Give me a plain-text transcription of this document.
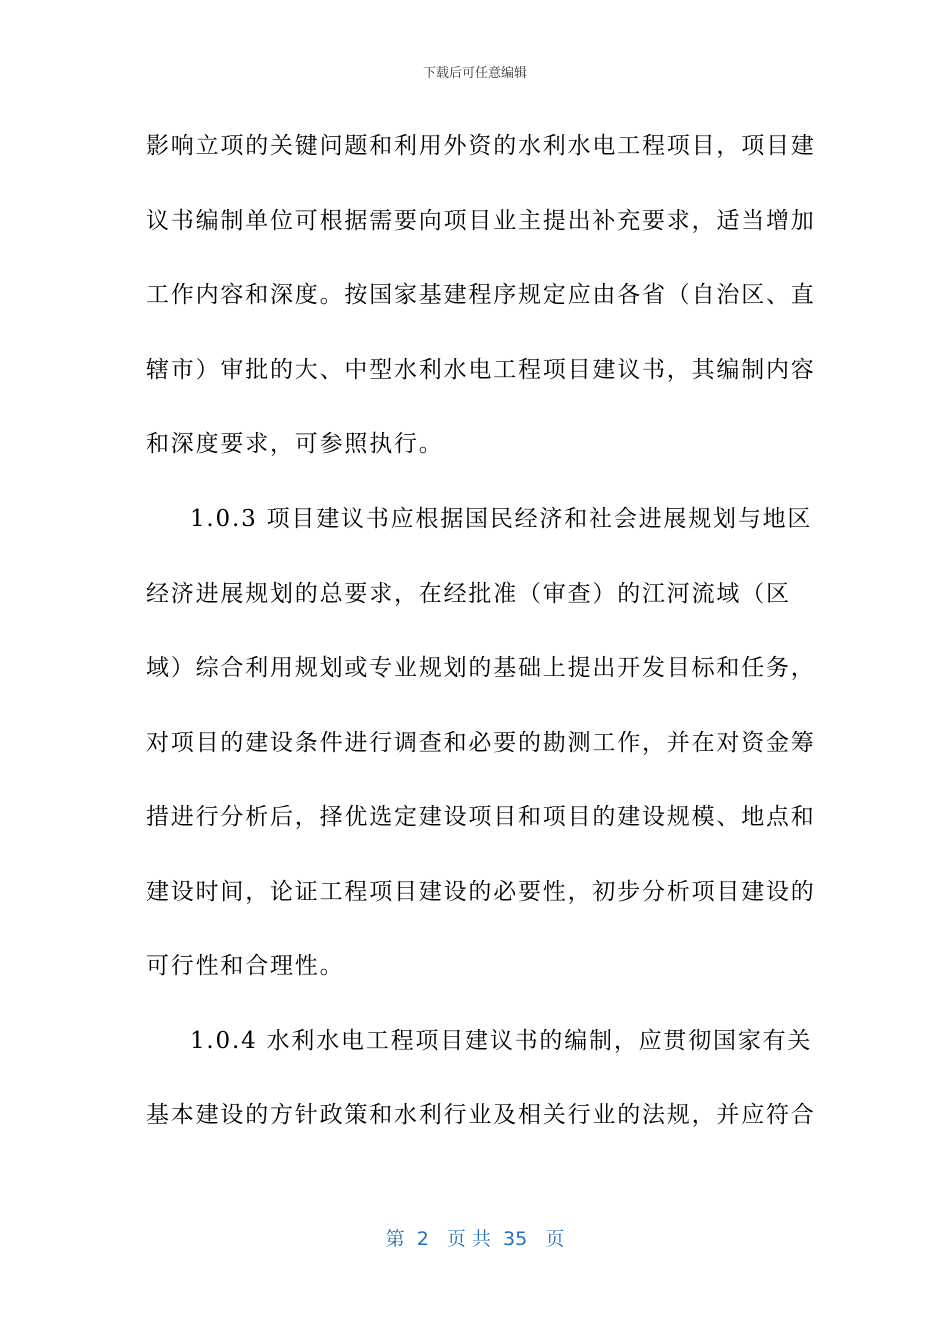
下载后可任意编辑
影响立项的关键问题和利用外资的水利水电工程项目，项目建
议书编制单位可根据需要向项目业主提出补充要求，适当增加
工作内容和深度。按国家基建程序规定应由各省（自治区、直
辖市）审批的大、中型水利水电工程项目建议书，其编制内容
和深度要求，可参照执行。
1.0.3 项目建议书应根据国民经济和社会进展规划与地区
经济进展规划的总要求，在经批准（审查）的江河流域（区
域）综合利用规划或专业规划的基础上提出开发目标和任务，
对项目的建设条件进行调查和必要的勘测工作，并在对资金筹
措进行分析后，择优选定建设项目和项目的建设规模、地点和
建设时间，论证工程项目建设的必要性，初步分析项目建设的
可行性和合理性。
1.0.4 水利水电工程项目建议书的编制，应贯彻国家有关
基本建设的方针政策和水利行业及相关行业的法规，并应符合
第  2   页 共  35   页
